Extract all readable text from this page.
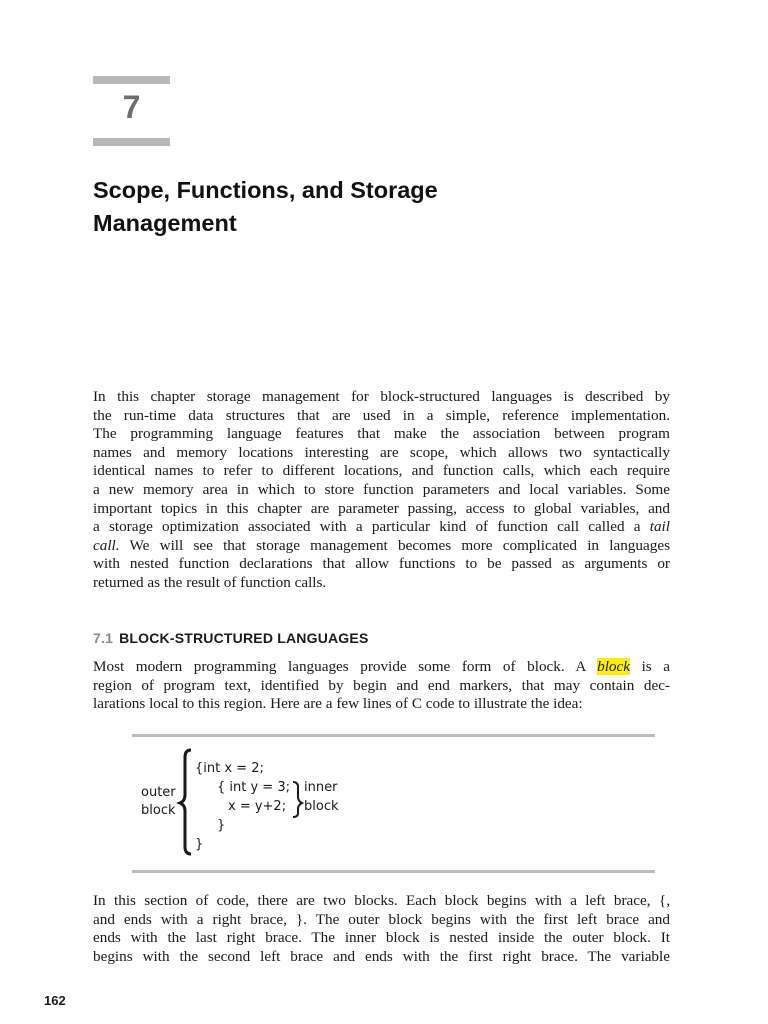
7
Scope, Functions, and Storage
Management
In this chapter storage management for block-structured languages is described by
the run-time data structures that are used in a simple, reference implementation.
The programming language features that make the association between program
names and memory locations interesting are scope, which allows two syntactically
identical names to refer to different locations, and function calls, which each require
a new memory area in which to store function parameters and local variables. Some
important topics in this chapter are parameter passing, access to global variables, and
a storage optimization associated with a particular kind of function call called a tail
call. We will see that storage management becomes more complicated in languages
with nested function declarations that allow functions to be passed as arguments or
returned as the result of function calls.
7.1 BLOCK-STRUCTURED LANGUAGES
Most modern programming languages provide some form of block. A block is a
region of program text, identified by begin and end markers, that may contain dec-
larations local to this region. Here are a few lines of C code to illustrate the idea:
{int x = 2;
{ int y = 3;
x = y+2;
}
}
outer
block
inner
block
In this section of code, there are two blocks. Each block begins with a left brace, {,
and ends with a right brace, }. The outer block begins with the first left brace and
ends with the last right brace. The inner block is nested inside the outer block. It
begins with the second left brace and ends with the first right brace. The variable
162
